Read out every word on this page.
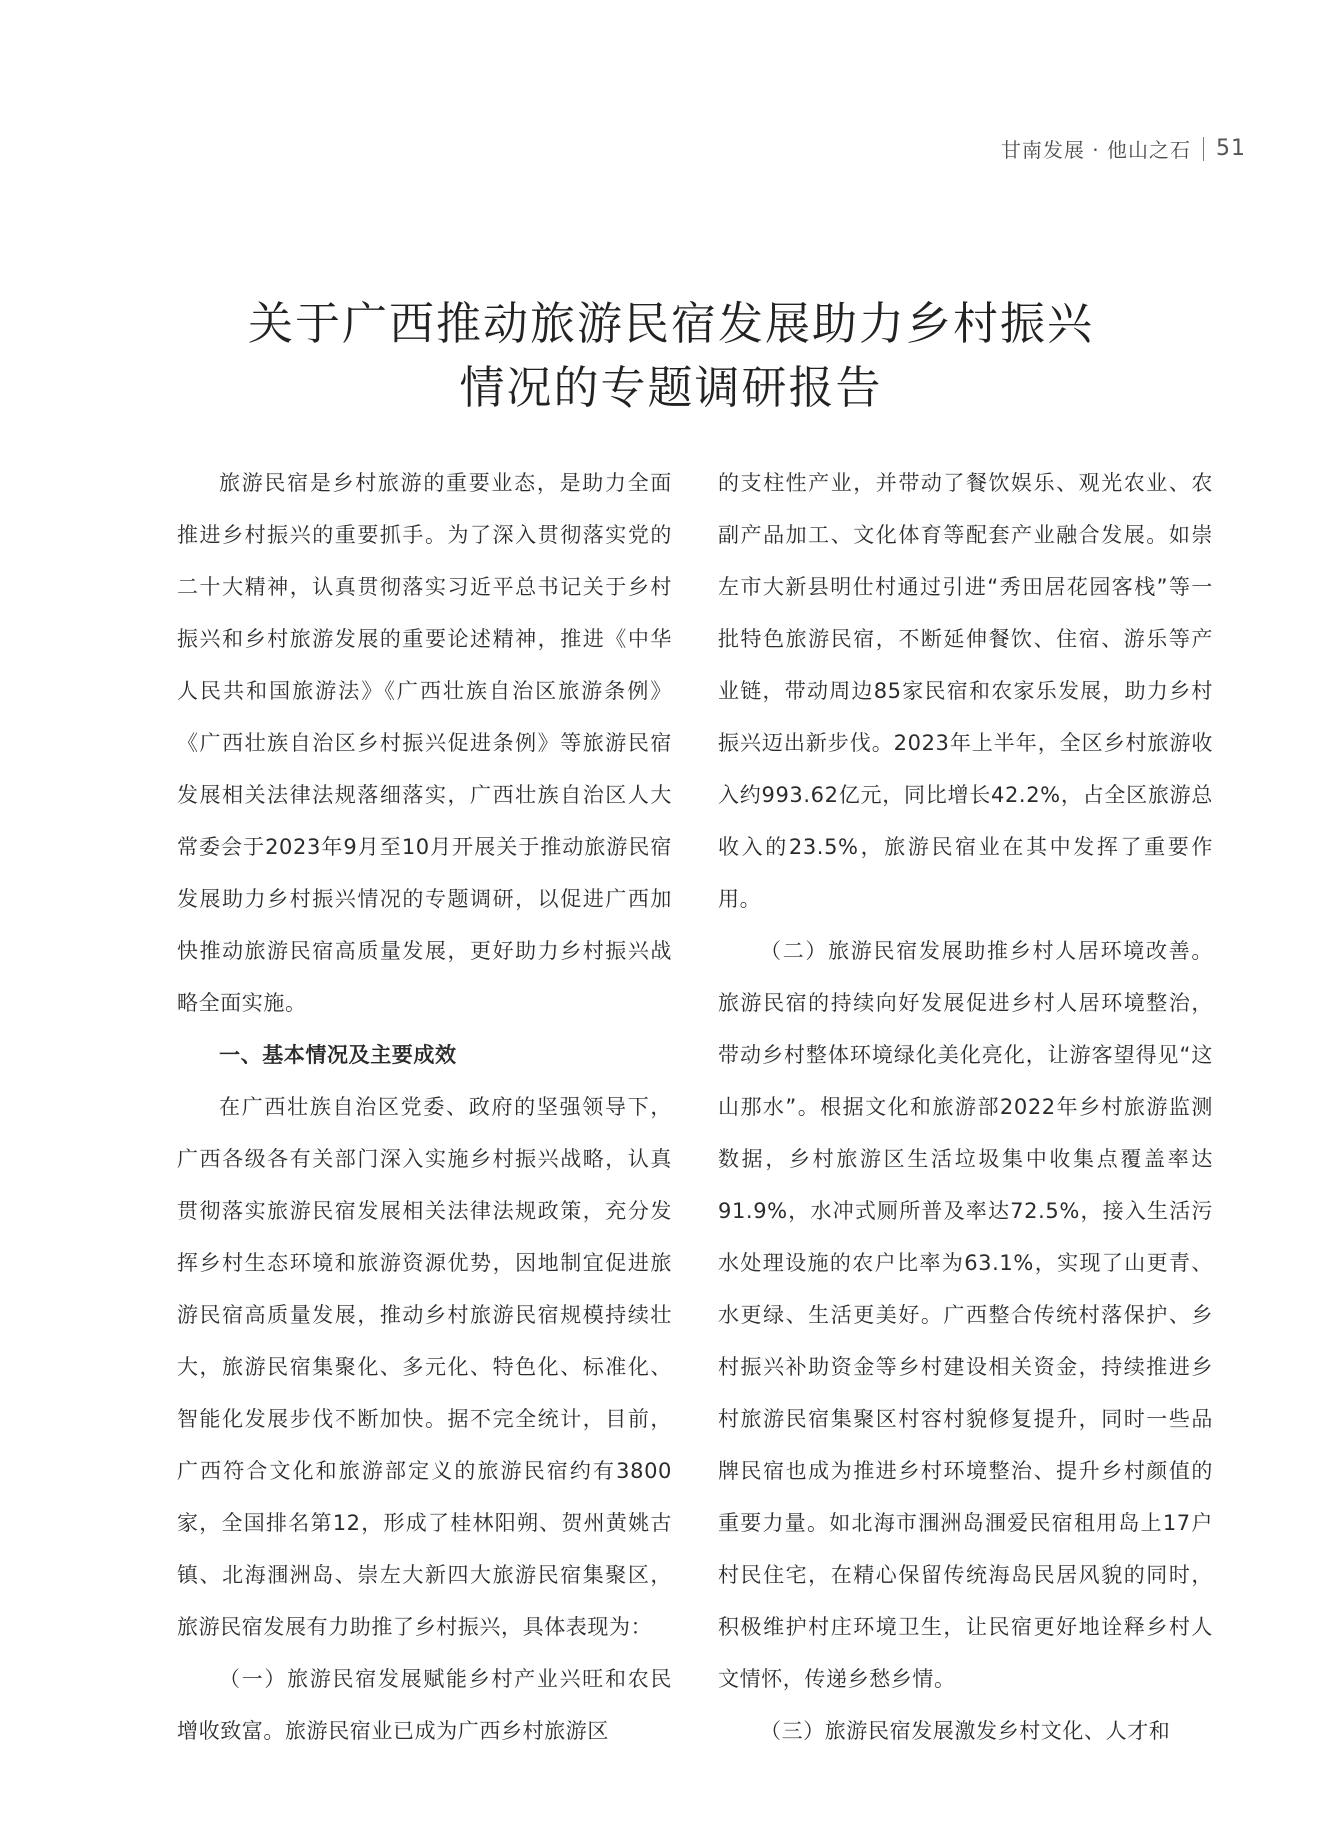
甘南发展 · 他山之石 51
关于广西推动旅游民宿发展助力乡村振兴
情况的专题调研报告

旅游民宿是乡村旅游的重要业态，是助力全面推进乡村振兴的重要抓手。为了深入贯彻落实党的二十大精神，认真贯彻落实习近平总书记关于乡村振兴和乡村旅游发展的重要论述精神，推进《中华人民共和国旅游法》《广西壮族自治区旅游条例》《广西壮族自治区乡村振兴促进条例》等旅游民宿发展相关法律法规落细落实，广西壮族自治区人大常委会于2023年9月至10月开展关于推动旅游民宿发展助力乡村振兴情况的专题调研，以促进广西加快推动旅游民宿高质量发展，更好助力乡村振兴战略全面实施。

一、基本情况及主要成效

在广西壮族自治区党委、政府的坚强领导下，广西各级各有关部门深入实施乡村振兴战略，认真贯彻落实旅游民宿发展相关法律法规政策，充分发挥乡村生态环境和旅游资源优势，因地制宜促进旅游民宿高质量发展，推动乡村旅游民宿规模持续壮大，旅游民宿集聚化、多元化、特色化、标准化、智能化发展步伐不断加快。据不完全统计，目前，广西符合文化和旅游部定义的旅游民宿约有3800家，全国排名第12，形成了桂林阳朔、贺州黄姚古镇、北海涠洲岛、崇左大新四大旅游民宿集聚区，旅游民宿发展有力助推了乡村振兴，具体表现为：

（一）旅游民宿发展赋能乡村产业兴旺和农民增收致富。旅游民宿业已成为广西乡村旅游区

的支柱性产业，并带动了餐饮娱乐、观光农业、农副产品加工、文化体育等配套产业融合发展。如崇左市大新县明仕村通过引进“秀田居花园客栈”等一批特色旅游民宿，不断延伸餐饮、住宿、游乐等产业链，带动周边85家民宿和农家乐发展，助力乡村振兴迈出新步伐。2023年上半年，全区乡村旅游收入约993.62亿元，同比增长42.2%，占全区旅游总收入的23.5%，旅游民宿业在其中发挥了重要作用。

（二）旅游民宿发展助推乡村人居环境改善。旅游民宿的持续向好发展促进乡村人居环境整治，带动乡村整体环境绿化美化亮化，让游客望得见“这山那水”。根据文化和旅游部2022年乡村旅游监测数据，乡村旅游区生活垃圾集中收集点覆盖率达91.9%，水冲式厕所普及率达72.5%，接入生活污水处理设施的农户比率为63.1%，实现了山更青、水更绿、生活更美好。广西整合传统村落保护、乡村振兴补助资金等乡村建设相关资金，持续推进乡村旅游民宿集聚区村容村貌修复提升，同时一些品牌民宿也成为推进乡村环境整治、提升乡村颜值的重要力量。如北海市涠洲岛涠爱民宿租用岛上17户村民住宅，在精心保留传统海岛民居风貌的同时，积极维护村庄环境卫生，让民宿更好地诠释乡村人文情怀，传递乡愁乡情。

（三）旅游民宿发展激发乡村文化、人才和
